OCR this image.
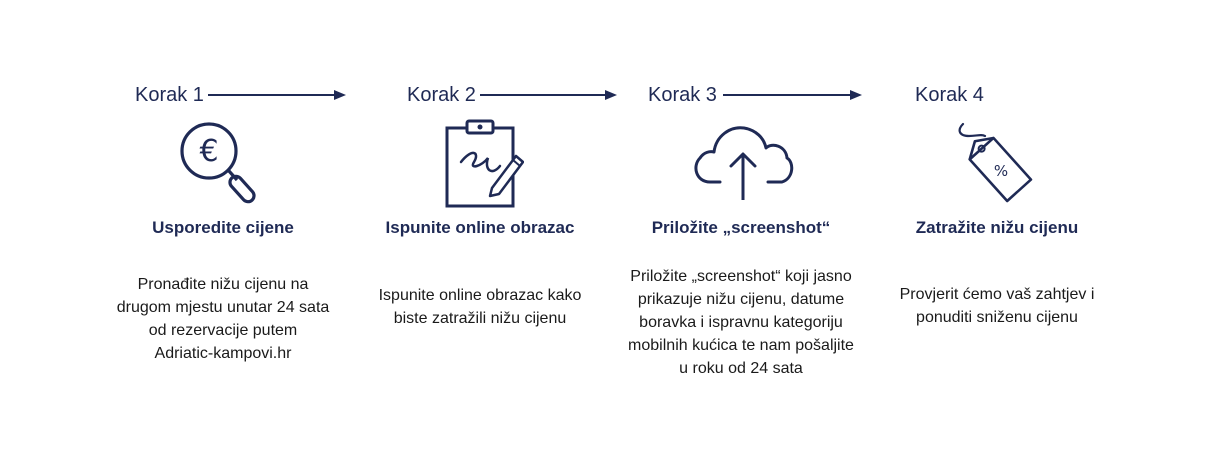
Korak 1	Korak 2	Korak 3	Korak 4
€
%
Usporedite cijene	Ispunite online obrazac	Priložite „screenshot“	Zatražite nižu cijenu
Pronađite nižu cijenu na
drugom mjestu unutar 24 sata
od rezervacije putem
Adriatic-kampovi.hr
Ispunite online obrazac kako
biste zatražili nižu cijenu
Priložite „screenshot“ koji jasno
prikazuje nižu cijenu, datume
boravka i ispravnu kategoriju
mobilnih kućica te nam pošaljite
u roku od 24 sata
Provjerit ćemo vaš zahtjev i
ponuditi sniženu cijenu
